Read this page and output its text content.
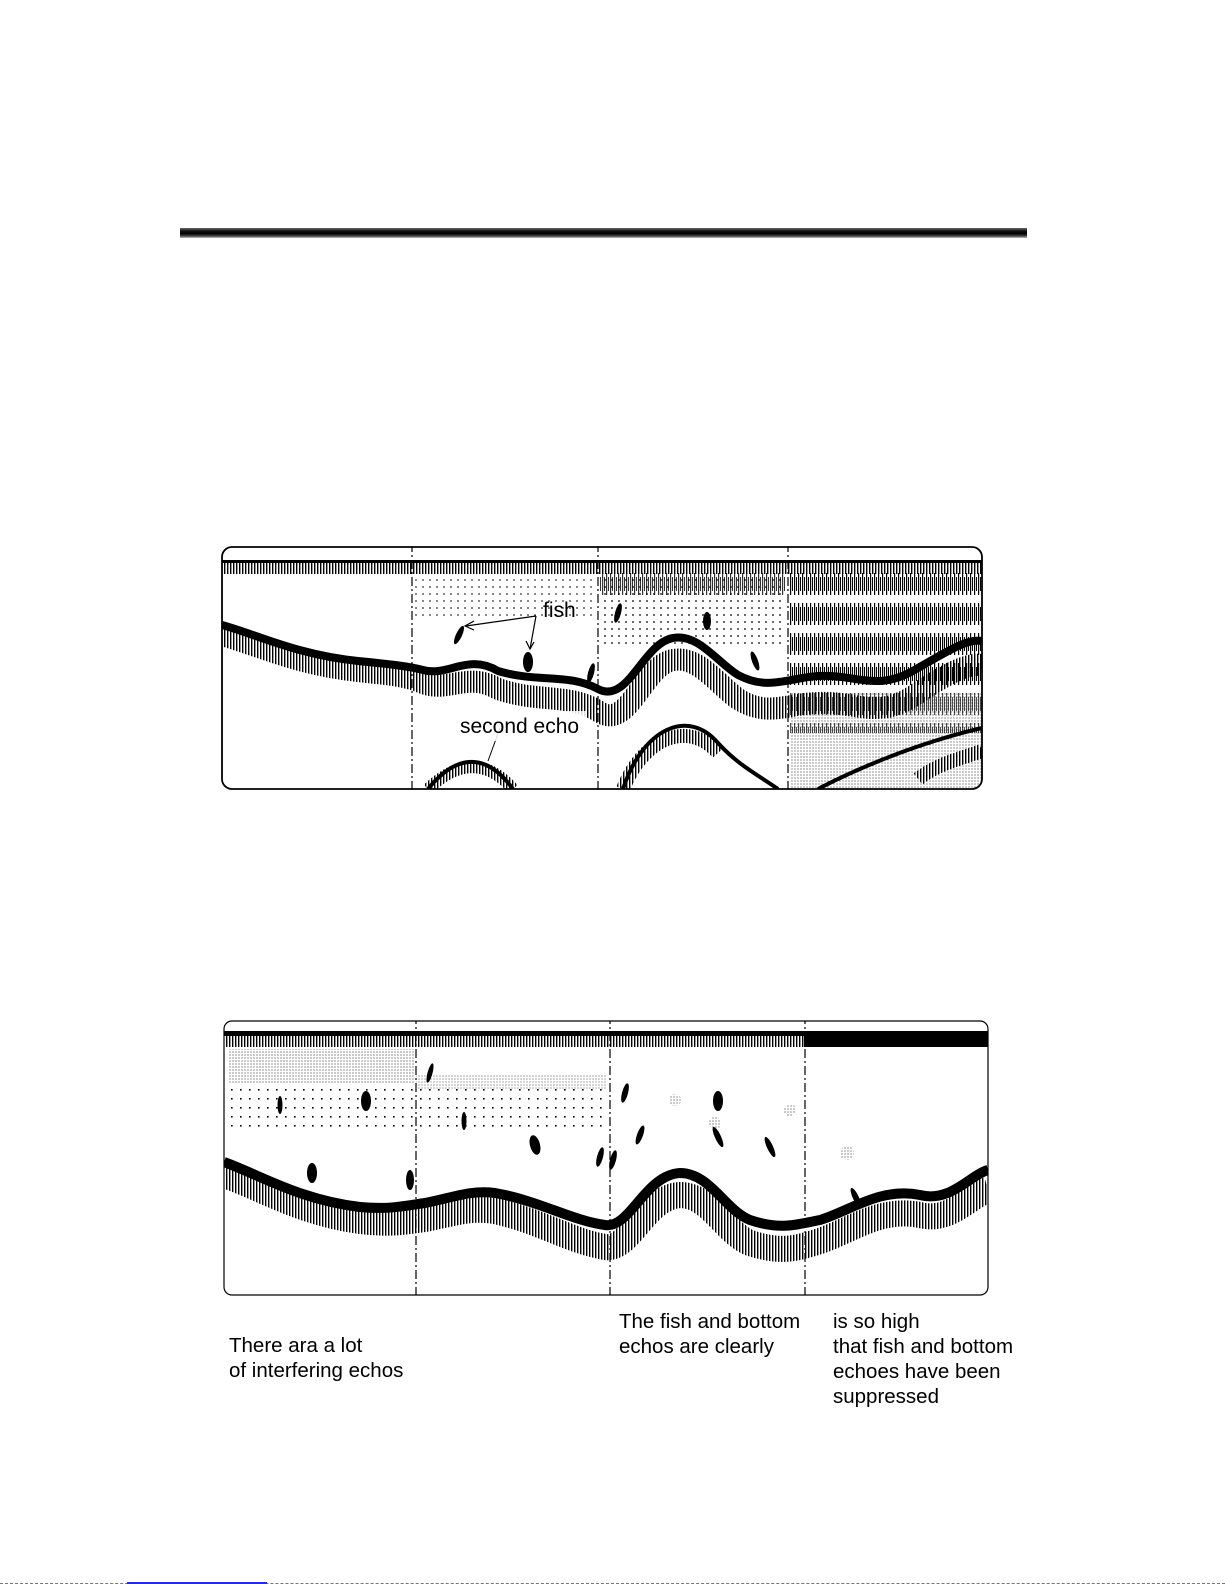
fish
second echo
There ara a lot
of interfering echos
The fish and bottom
echos are clearly
is so high
that fish and bottom
echoes have been
suppressed
